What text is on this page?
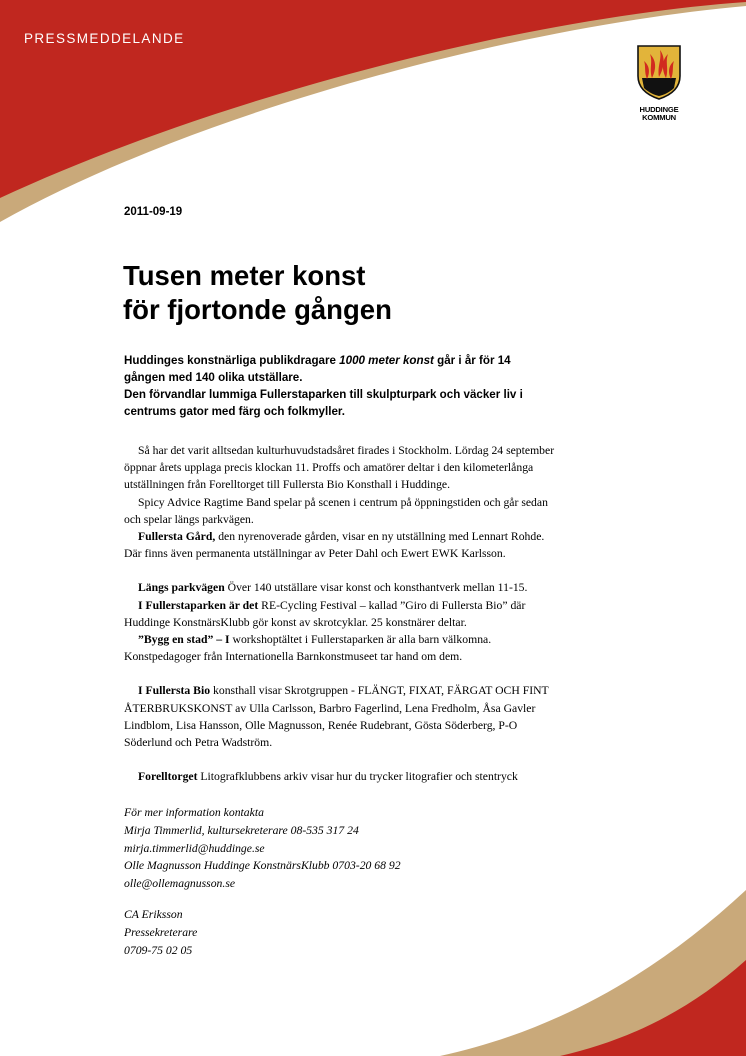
PRESSMEDDELANDE
HUDDINGE
KOMMUN
2011-09-19
Tusen meter konst
för fjortonde gången
Huddinges konstnärliga publikdragare 1000 meter konst går i år för 14
gången med 140 olika utställare.
Den förvandlar lummiga Fullerstaparken till skulpturpark och väcker liv i
centrums gator med färg och folkmyller.
Så har det varit alltsedan kulturhuvudstadsåret firades i Stockholm. Lördag 24 september
öppnar årets upplaga precis klockan 11. Proffs och amatörer deltar i den kilometerlånga
utställningen från Forelltorget till Fullersta Bio Konsthall i Huddinge.
Spicy Advice Ragtime Band spelar på scenen i centrum på öppningstiden och går sedan
och spelar längs parkvägen.
Fullersta Gård, den nyrenoverade gården, visar en ny utställning med Lennart Rohde.
Där finns även permanenta utställningar av Peter Dahl och Ewert EWK Karlsson.
Längs parkvägen Över 140 utställare visar konst och konsthantverk mellan 11-15.
I Fullerstaparken är det RE-Cycling Festival – kallad ”Giro di Fullersta Bio” där
Huddinge KonstnärsKlubb gör konst av skrotcyklar. 25 konstnärer deltar.
”Bygg en stad” – I workshoptältet i Fullerstaparken är alla barn välkomna.
Konstpedagoger från Internationella Barnkonstmuseet tar hand om dem.
I Fullersta Bio konsthall visar Skrotgruppen - FLÄNGT, FIXAT, FÄRGAT OCH FINT
ÅTERBRUKSKONST av Ulla Carlsson, Barbro Fagerlind, Lena Fredholm, Åsa Gavler
Lindblom, Lisa Hansson, Olle Magnusson, Renée Rudebrant, Gösta Söderberg, P-O
Söderlund och Petra Wadström.
Forelltorget Litografklubbens arkiv visar hur du trycker litografier och stentryck
För mer information kontakta
Mirja Timmerlid, kultursekreterare 08-535 317 24
mirja.timmerlid@huddinge.se
Olle Magnusson Huddinge KonstnärsKlubb 0703-20 68 92
olle@ollemagnusson.se
CA Eriksson
Pressekreterare
0709-75 02 05
